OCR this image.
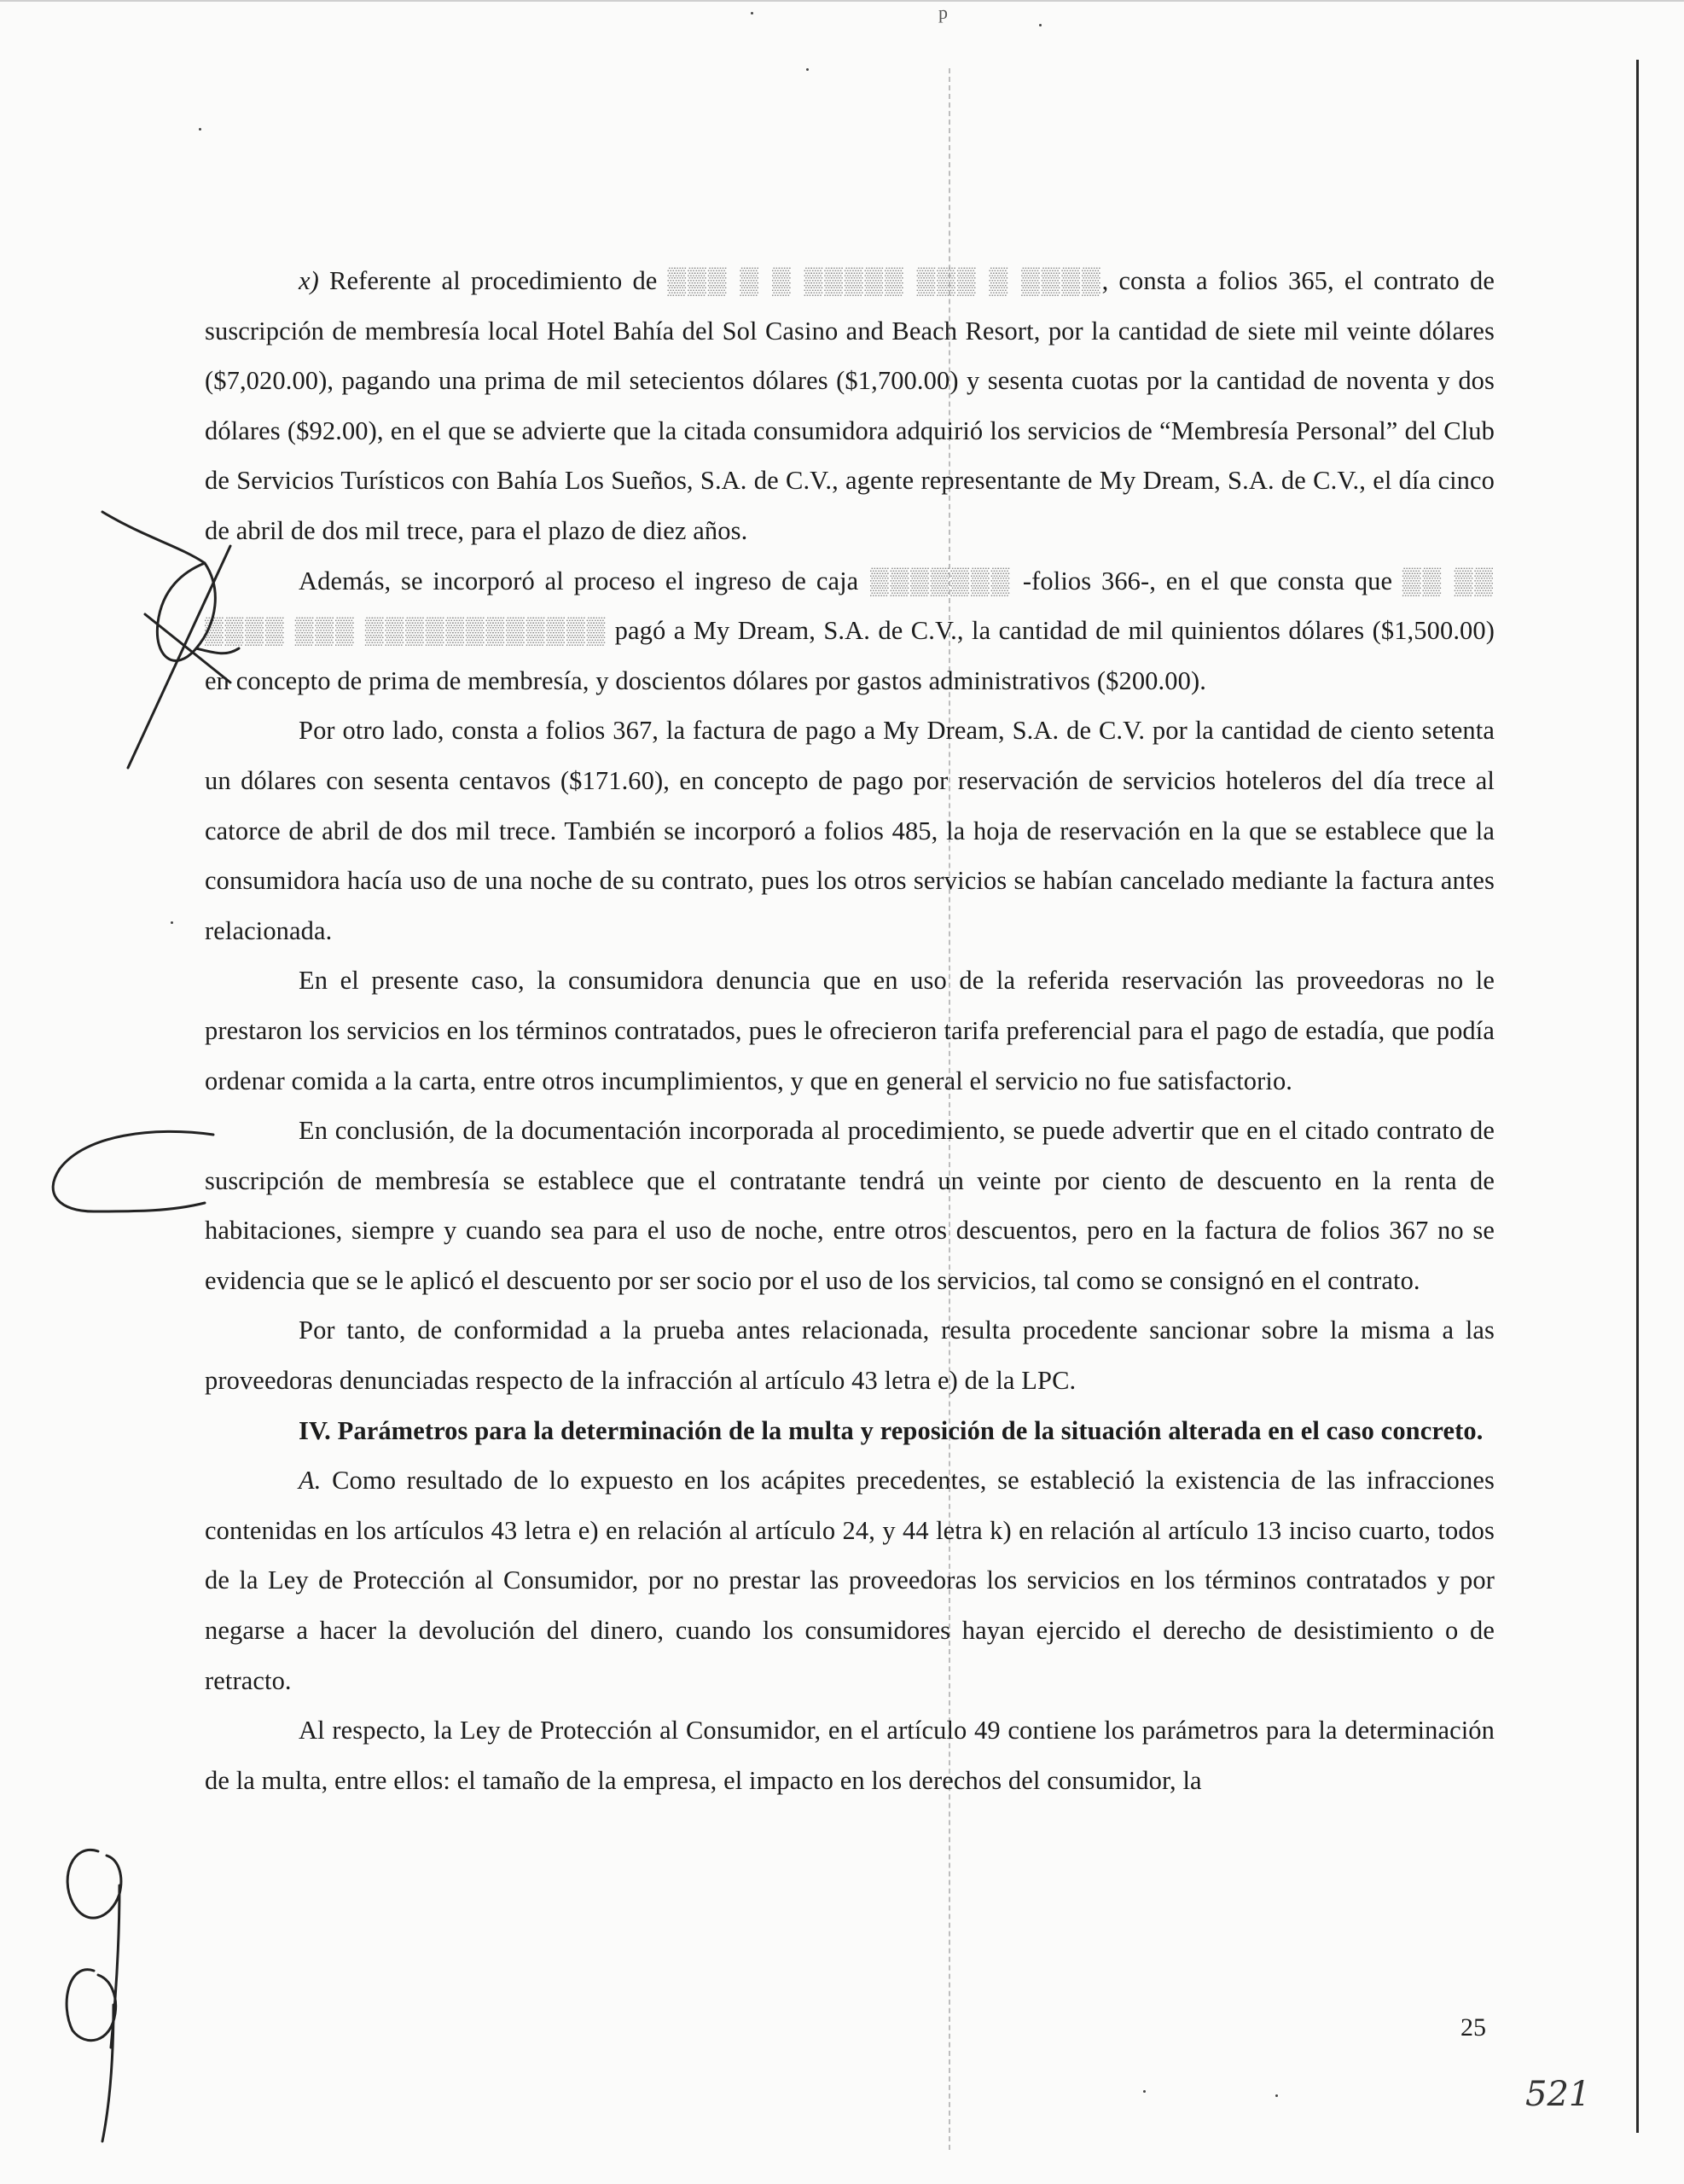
p

x) Referente al procedimiento de ▒▒▒ ▒ ▒ ▒▒▒▒▒ ▒▒▒ ▒ ▒▒▒▒, consta a folios 365, el contrato de suscripción de membresía local Hotel Bahía del Sol Casino and Beach Resort, por la cantidad de siete mil veinte dólares ($7,020.00), pagando una prima de mil setecientos dólares ($1,700.00) y sesenta cuotas por la cantidad de noventa y dos dólares ($92.00), en el que se advierte que la citada consumidora adquirió los servicios de “Membresía Personal” del Club de Servicios Turísticos con Bahía Los Sueños, S.A. de C.V., agente representante de My Dream, S.A. de C.V., el día cinco de abril de dos mil trece, para el plazo de diez años.

Además, se incorporó al proceso el ingreso de caja ▒▒▒▒▒▒▒ -folios 366-, en el que consta que ▒▒ ▒▒ ▒▒▒▒ ▒▒▒ ▒▒▒▒▒▒▒▒▒▒▒▒ pagó a My Dream, S.A. de C.V., la cantidad de mil quinientos dólares ($1,500.00) en concepto de prima de membresía, y doscientos dólares por gastos administrativos ($200.00).

Por otro lado, consta a folios 367, la factura de pago a My Dream, S.A. de C.V. por la cantidad de ciento setenta un dólares con sesenta centavos ($171.60), en concepto de pago por reservación de servicios hoteleros del día trece al catorce de abril de dos mil trece. También se incorporó a folios 485, la hoja de reservación en la que se establece que la consumidora hacía uso de una noche de su contrato, pues los otros servicios se habían cancelado mediante la factura antes relacionada.

En el presente caso, la consumidora denuncia que en uso de la referida reservación las proveedoras no le prestaron los servicios en los términos contratados, pues le ofrecieron tarifa preferencial para el pago de estadía, que podía ordenar comida a la carta, entre otros incumplimientos, y que en general el servicio no fue satisfactorio.

En conclusión, de la documentación incorporada al procedimiento, se puede advertir que en el citado contrato de suscripción de membresía se establece que el contratante tendrá un veinte por ciento de descuento en la renta de habitaciones, siempre y cuando sea para el uso de noche, entre otros descuentos, pero en la factura de folios 367 no se evidencia que se le aplicó el descuento por ser socio por el uso de los servicios, tal como se consignó en el contrato.

Por tanto, de conformidad a la prueba antes relacionada, resulta procedente sancionar sobre la misma a las proveedoras denunciadas respecto de la infracción al artículo 43 letra e) de la LPC.

IV. Parámetros para la determinación de la multa y reposición de la situación alterada en el caso concreto.

A. Como resultado de lo expuesto en los acápites precedentes, se estableció la existencia de las infracciones contenidas en los artículos 43 letra e) en relación al artículo 24, y 44 letra k) en relación al artículo 13 inciso cuarto, todos de la Ley de Protección al Consumidor, por no prestar las proveedoras los servicios en los términos contratados y por negarse a hacer la devolución del dinero, cuando los consumidores hayan ejercido el derecho de desistimiento o de retracto.

Al respecto, la Ley de Protección al Consumidor, en el artículo 49 contiene los parámetros para la determinación de la multa, entre ellos: el tamaño de la empresa, el impacto en los derechos del consumidor, la

25
521
